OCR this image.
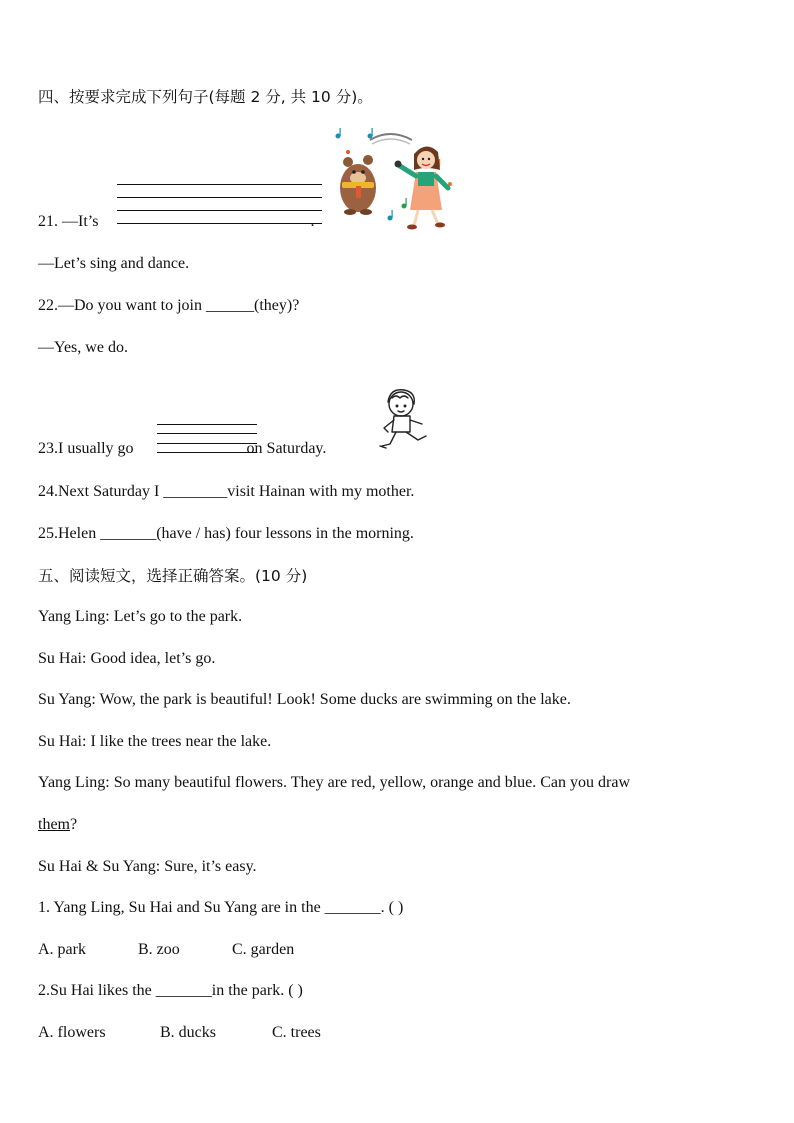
四、按要求完成下列句子(每题 2 分, 共 10 分)。
21. —It’s	.
—Let’s sing and dance.
22.—Do you want to join ______(they)?
—Yes, we do.
23.I usually go	on Saturday.
24.Next Saturday I ________visit Hainan with my mother.
25.Helen _______(have / has) four lessons in the morning.
五、阅读短文，选择正确答案。(10 分)
Yang Ling: Let’s go to the park.
Su Hai: Good idea, let’s go.
Su Yang: Wow, the park is beautiful! Look! Some ducks are swimming on the lake.
Su Hai: I like the trees near the lake.
Yang Ling: So many beautiful flowers. They are red, yellow, orange and blue. Can you draw
them?
Su Hai & Su Yang: Sure, it’s easy.
1. Yang Ling, Su Hai and Su Yang are in the _______. ( )
A. park	B. zoo	C. garden
2.Su Hai likes the _______in the park. ( )
A. flowers	B. ducks	C. trees
